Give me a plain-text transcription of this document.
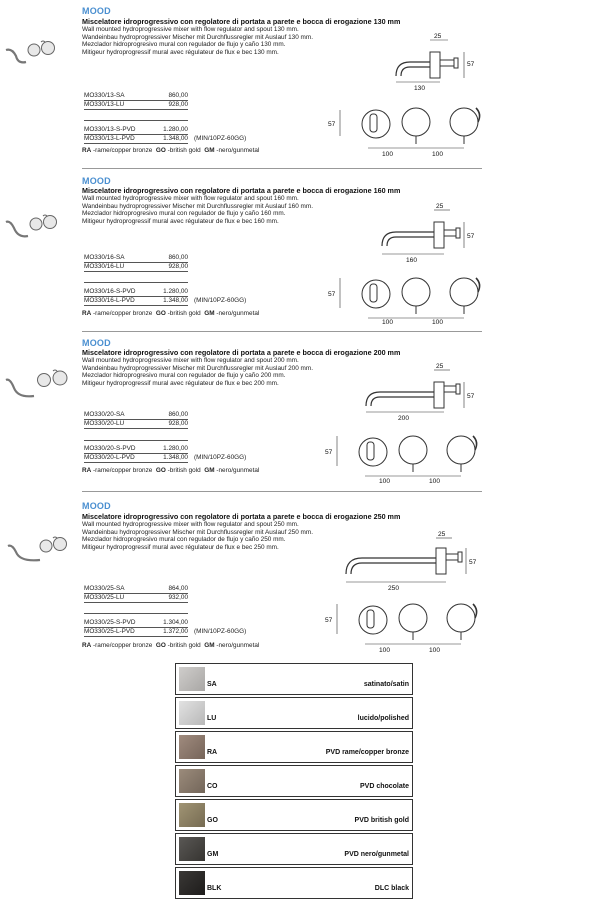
MOOD
Miscelatore idroprogressivo con regolatore di portata a parete e bocca di erogazione 130 mm
Wall mounted hydroprogressive mixer with flow regulator and spout 130 mm.
Wandeinbau hydroprogressiver Mischer mit Durchflussregler mit Auslauf 130 mm.
Mezclador hidroprogresivo mural con regulador de flujo y caño 130 mm.
Mitigeur hydroprogressif mural avec régulateur de flux e bec 130 mm.
MO330/13-SA	860,00
MO330/13-LU	928,00
MO330/13-S-PVD	1.280,00
MO330/13-L-PVD	1.348,00 (MIN/10PZ-60GG)
RA -rame/copper bronze GO -british gold GM -nero/gunmetal
25
57
130
57
100	100
MOOD
Miscelatore idroprogressivo con regolatore di portata a parete e bocca di erogazione 160 mm
Wall mounted hydroprogressive mixer with flow regulator and spout 160 mm.
Wandeinbau hydroprogressiver Mischer mit Durchflussregler mit Auslauf 160 mm.
Mezclador hidroprogresivo mural con regulador de flujo y caño 160 mm.
Mitigeur hydroprogressif mural avec régulateur de flux e bec 160 mm.
MO330/16-SA	860,00
MO330/16-LU	928,00
MO330/16-S-PVD	1.280,00
MO330/16-L-PVD	1.348,00 (MIN/10PZ-60GG)
RA -rame/copper bronze GO -british gold GM -nero/gunmetal
25
57
160
57
100	100
MOOD
Miscelatore idroprogressivo con regolatore di portata a parete e bocca di erogazione 200 mm
Wall mounted hydroprogressive mixer with flow regulator and spout 200 mm.
Wandeinbau hydroprogressiver Mischer mit Durchflussregler mit Auslauf 200 mm.
Mezclador hidroprogresivo mural con regulador de flujo y caño 200 mm.
Mitigeur hydroprogressif mural avec régulateur de flux e bec 200 mm.
MO330/20-SA	860,00
MO330/20-LU	928,00
MO330/20-S-PVD	1.280,00
MO330/20-L-PVD	1.348,00 (MIN/10PZ-60GG)
RA -rame/copper bronze GO -british gold GM -nero/gunmetal
25
57
200
57
100	100
MOOD
Miscelatore idroprogressivo con regolatore di portata a parete e bocca di erogazione 250 mm
Wall mounted hydroprogressive mixer with flow regulator and spout 250 mm.
Wandeinbau hydroprogressiver Mischer mit Durchflussregler mit Auslauf 250 mm.
Mezclador hidroprogresivo mural con regulador de flujo y caño 250 mm.
Mitigeur hydroprogressif mural avec régulateur de flux e bec 250 mm.
MO330/25-SA	864,00
MO330/25-LU	932,00
MO330/25-S-PVD	1.304,00
MO330/25-L-PVD	1.372,00 (MIN/10PZ-60GG)
RA -rame/copper bronze GO -british gold GM -nero/gunmetal
25
57
250
57
100	100
SA	satinato/satin
LU	lucido/polished
RA	PVD rame/copper bronze
CO	PVD chocolate
GO	PVD british gold
GM	PVD nero/gunmetal
BLK	DLC black
